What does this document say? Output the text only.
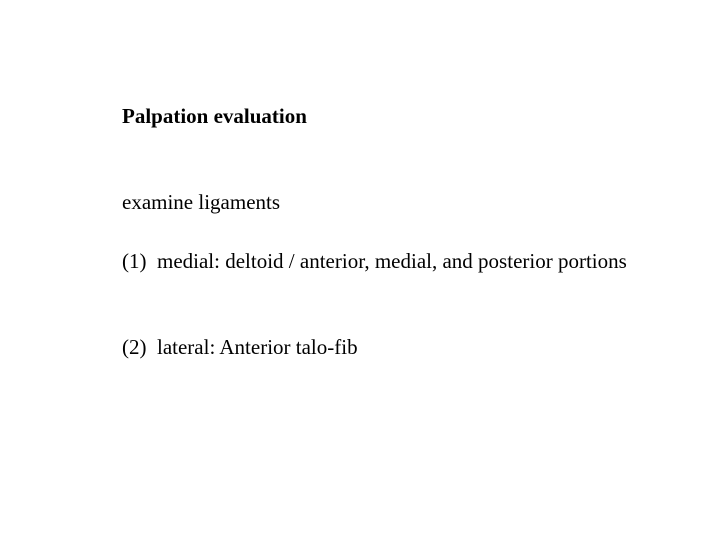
Palpation evaluation
examine ligaments
(1) medial: deltoid / anterior, medial, and posterior portions
(2) lateral: Anterior talo-fib
